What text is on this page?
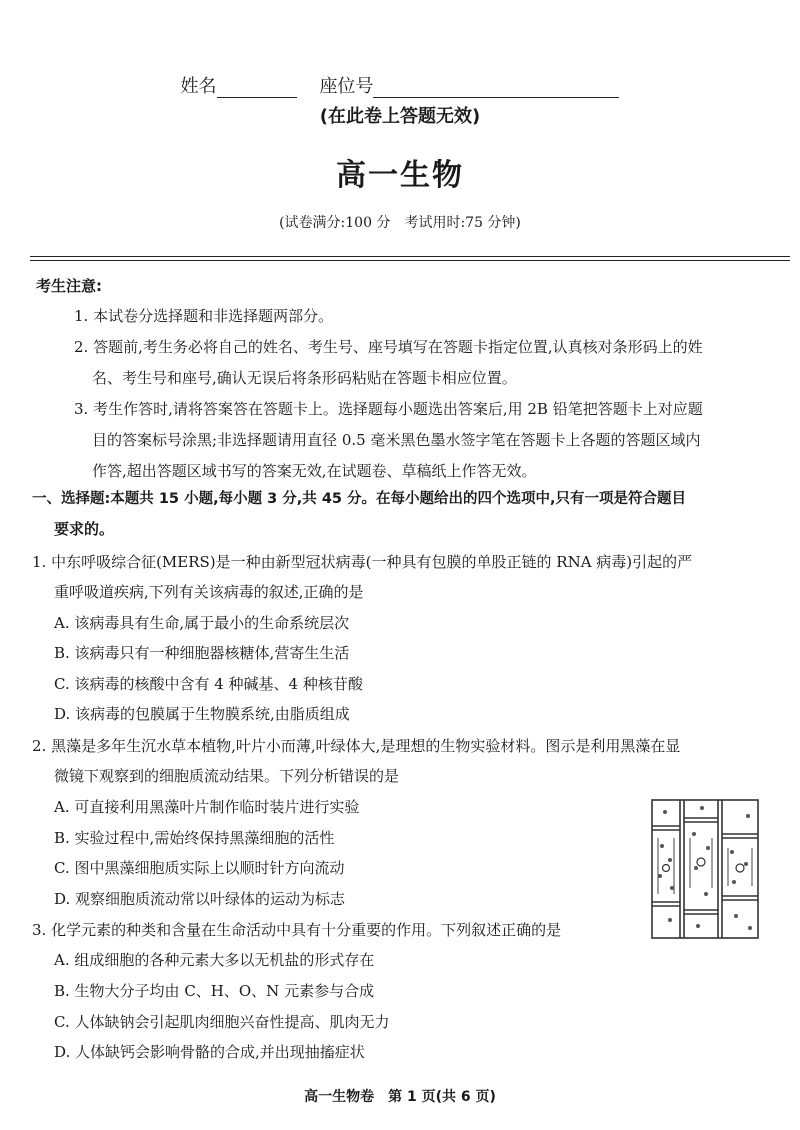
姓名	座位号
(在此卷上答题无效)
高一生物
(试卷满分:100 分　考试用时:75 分钟)
考生注意:
1. 本试卷分选择题和非选择题两部分。
2. 答题前,考生务必将自己的姓名、考生号、座号填写在答题卡指定位置,认真核对条形码上的姓
名、考生号和座号,确认无误后将条形码粘贴在答题卡相应位置。
3. 考生作答时,请将答案答在答题卡上。选择题每小题选出答案后,用 2B 铅笔把答题卡上对应题
目的答案标号涂黑;非选择题请用直径 0.5 毫米黑色墨水签字笔在答题卡上各题的答题区域内
作答,超出答题区域书写的答案无效,在试题卷、草稿纸上作答无效。
一、选择题:本题共 15 小题,每小题 3 分,共 45 分。在每小题给出的四个选项中,只有一项是符合题目
要求的。
1. 中东呼吸综合征(MERS)是一种由新型冠状病毒(一种具有包膜的单股正链的 RNA 病毒)引起的严
重呼吸道疾病,下列有关该病毒的叙述,正确的是
A. 该病毒具有生命,属于最小的生命系统层次
B. 该病毒只有一种细胞器核糖体,营寄生生活
C. 该病毒的核酸中含有 4 种碱基、4 种核苷酸
D. 该病毒的包膜属于生物膜系统,由脂质组成
2. 黑藻是多年生沉水草本植物,叶片小而薄,叶绿体大,是理想的生物实验材料。图示是利用黑藻在显
微镜下观察到的细胞质流动结果。下列分析错误的是
A. 可直接利用黑藻叶片制作临时装片进行实验
B. 实验过程中,需始终保持黑藻细胞的活性
C. 图中黑藻细胞质实际上以顺时针方向流动
D. 观察细胞质流动常以叶绿体的运动为标志
3. 化学元素的种类和含量在生命活动中具有十分重要的作用。下列叙述正确的是
A. 组成细胞的各种元素大多以无机盐的形式存在
B. 生物大分子均由 C、H、O、N 元素参与合成
C. 人体缺钠会引起肌肉细胞兴奋性提高、肌肉无力
D. 人体缺钙会影响骨骼的合成,并出现抽搐症状
高一生物卷　第 1 页(共 6 页)
